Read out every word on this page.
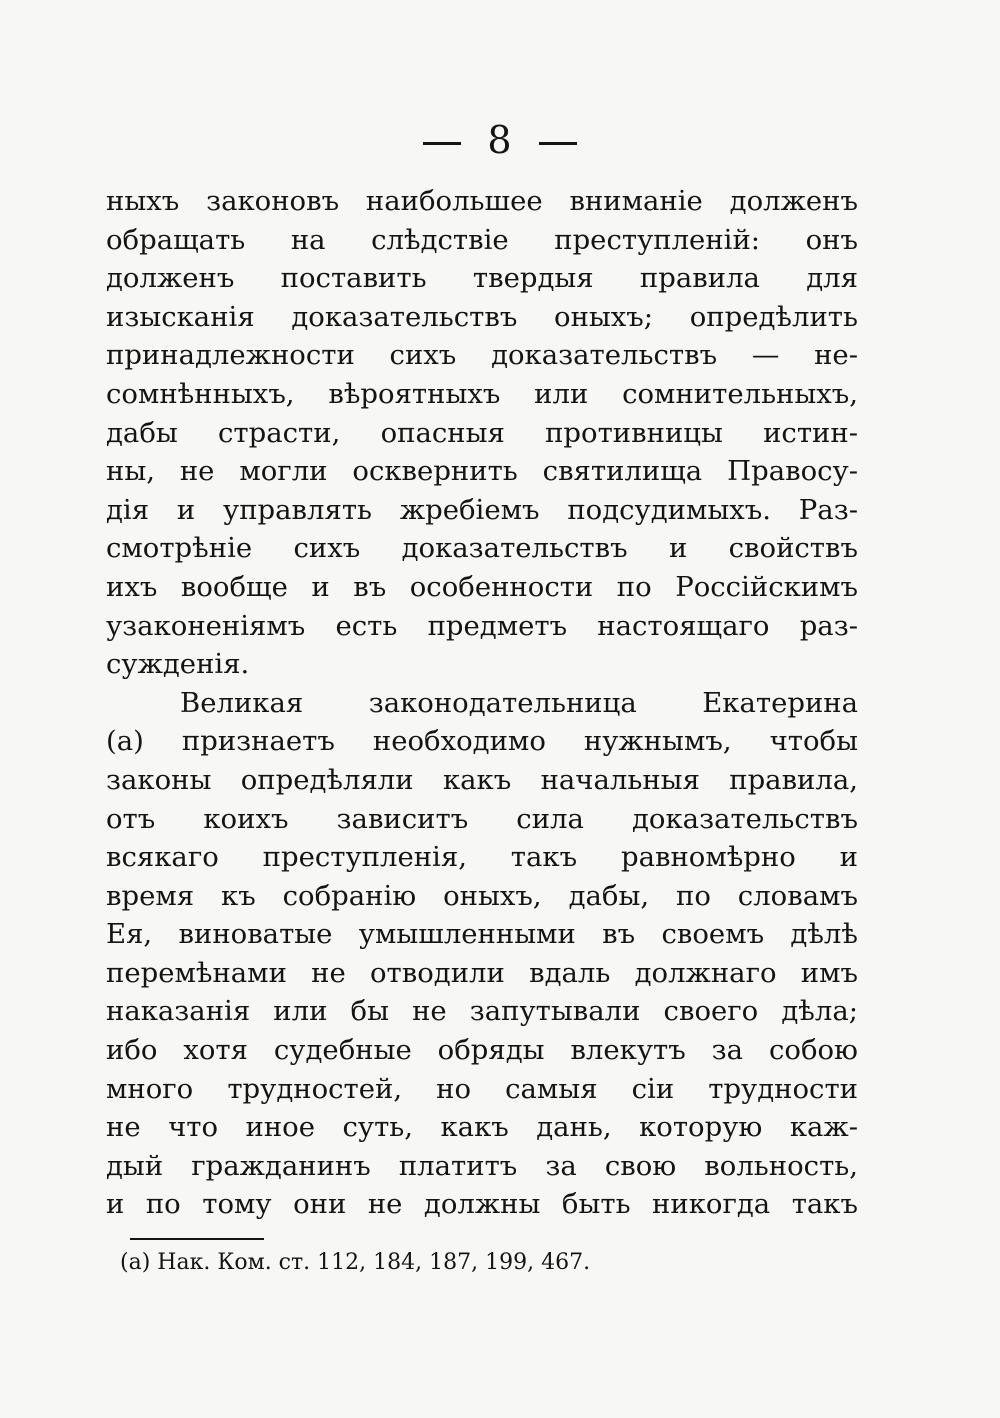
8
ныхъ законовъ наибольшее вниманіе долженъ
обращать на слѣдствіе преступленій: онъ
долженъ поставить твердыя правила для
изысканія доказательствъ оныхъ; опредѣлить
принадлежности сихъ доказательствъ — не-
сомнѣнныхъ, вѣроятныхъ или сомнительныхъ,
дабы страсти, опасныя противницы истин-
ны, не могли осквернить святилища Правосу-
дія и управлять жребіемъ подсудимыхъ. Раз-
смотрѣніе сихъ доказательствъ и свойствъ
ихъ вообще и въ особенности по Россійскимъ
узаконеніямъ есть предметъ настоящаго раз-
сужденія.
Великая законодательница Екатерина
(а) признаетъ необходимо нужнымъ, чтобы
законы опредѣляли какъ начальныя правила,
отъ коихъ зависитъ сила доказательствъ
всякаго преступленія, такъ равномѣрно и
время къ собранію оныхъ, дабы, по словамъ
Ея, виноватые умышленными въ своемъ дѣлѣ
перемѣнами не отводили вдаль должнаго имъ
наказанія или бы не запутывали своего дѣла;
ибо хотя судебные обряды влекутъ за собою
много трудностей, но самыя сіи трудности
не что иное суть, какъ дань, которую каж-
дый гражданинъ платитъ за свою вольность,
и по тому они не должны быть никогда такъ
(а) Нак. Ком. ст. 112, 184, 187, 199, 467.
